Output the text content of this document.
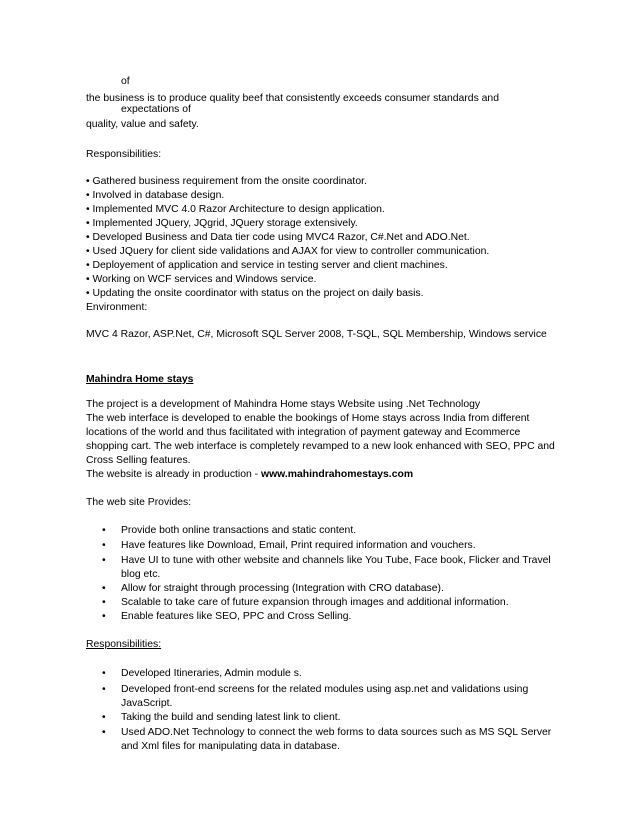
of
the business is to produce quality beef that consistently exceeds consumer standards and
expectations of
quality, value and safety.
Responsibilities:
• Gathered business requirement from the onsite coordinator.
• Involved in database design.
• Implemented MVC 4.0 Razor Architecture to design application.
• Implemented JQuery, JQgrid, JQuery storage extensively.
• Developed Business and Data tier code using MVC4 Razor, C#.Net and ADO.Net.
• Used JQuery for client side validations and AJAX for view to controller communication.
• Deployement of application and service in testing server and client machines.
• Working on WCF services and Windows service.
• Updating the onsite coordinator with status on the project on daily basis.
Environment:
MVC 4 Razor, ASP.Net, C#, Microsoft SQL Server 2008, T-SQL, SQL Membership, Windows service
Mahindra Home stays
The project is a development of Mahindra Home stays Website using .Net Technology
The web interface is developed to enable the bookings of Home stays across India from different
locations of the world and thus facilitated with integration of payment gateway and Ecommerce
shopping cart. The web interface is completely revamped to a new look enhanced with SEO, PPC and
Cross Selling features.
The website is already in production - www.mahindrahomestays.com
The web site Provides:
• Provide both online transactions and static content.
• Have features like Download, Email, Print required information and vouchers.
• Have UI to tune with other website and channels like You Tube, Face book, Flicker and Travel
blog etc.
• Allow for straight through processing (Integration with CRO database).
• Scalable to take care of future expansion through images and additional information.
• Enable features like SEO, PPC and Cross Selling.
Responsibilities:
• Developed Itineraries, Admin module s.
• Developed front-end screens for the related modules using asp.net and validations using
JavaScript.
• Taking the build and sending latest link to client.
• Used ADO.Net Technology to connect the web forms to data sources such as MS SQL Server
and Xml files for manipulating data in database.
